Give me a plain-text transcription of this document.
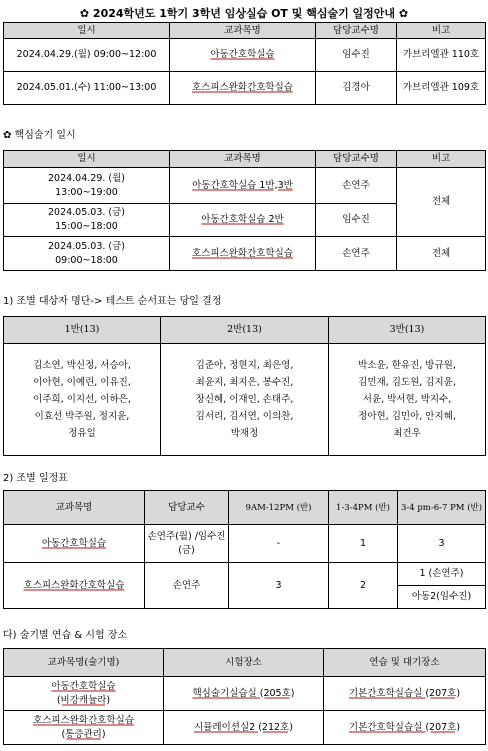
✿ 2024학년도 1학기 3학년 임상실습 OT 및 핵심술기 일정안내 ✿
일시	교과목명	담당교수명	비고
2024.04.29.(월) 09:00~12:00	아동간호학실습	임수진	가브리엘관 110호
2024.05.01.(수) 11:00~13:00	호스피스완화간호학실습	김경아	가브리엘관 109호
✿ 핵심술기 일시
일시	교과목명	담당교수명	비고

2024.04.29. (월)
13:00~19:00	아동간호학실습 1반,3반	손연주	전체

2024.05.03. (금)
15:00~18:00	아동간호학실습 2반	임수진	

2024.05.03. (금)
09:00~18:00	호스피스완화간호학실습	손연주	전체
1) 조별 대상자 명단-> 테스트 순서표는 당일 결정
1반(13)	2반(13)	3반(13)

김소연, 박신정, 서승아,
이아현, 이예린, 이유진,
이주희, 이지선, 이하은,
이효선 박주원, 정지윤,
정유일	김준아, 정현지, 최은영,
최윤지, 최지은, 봉수진,
장신혜, 이재인, 손태주,
김서리, 김서연, 이의찬,
박재정	박소윤, 한유진, 방규원,
김민재, 김도원, 김지윤,
서윤, 박서현, 박지수,
정아현, 김민아, 안지혜,
최건우
2) 조별 일정표
교과목명	담당교수	9AM-12PM (반)	1-3-4PM (반)	3-4 pm-6-7 PM (반)
아동간호학실습	손연주(월) /임수진(금)	-	1	3
호스피스완화간호학실습	손연주	3	2	1 (손연주)
				아동2(임수진)
다) 술기별 연습 & 시험 장소
교과목명(술기명)	시험장소	연습 및 대기장소

아동간호학실습
(비강캐뉼라)	핵심술기실습실 (205호)	기본간호학실습실 (207호)

호스피스완화간호학실습
(통증관리)	시뮬레이션실2 (212호)	기본간호학실습실 (207호)
